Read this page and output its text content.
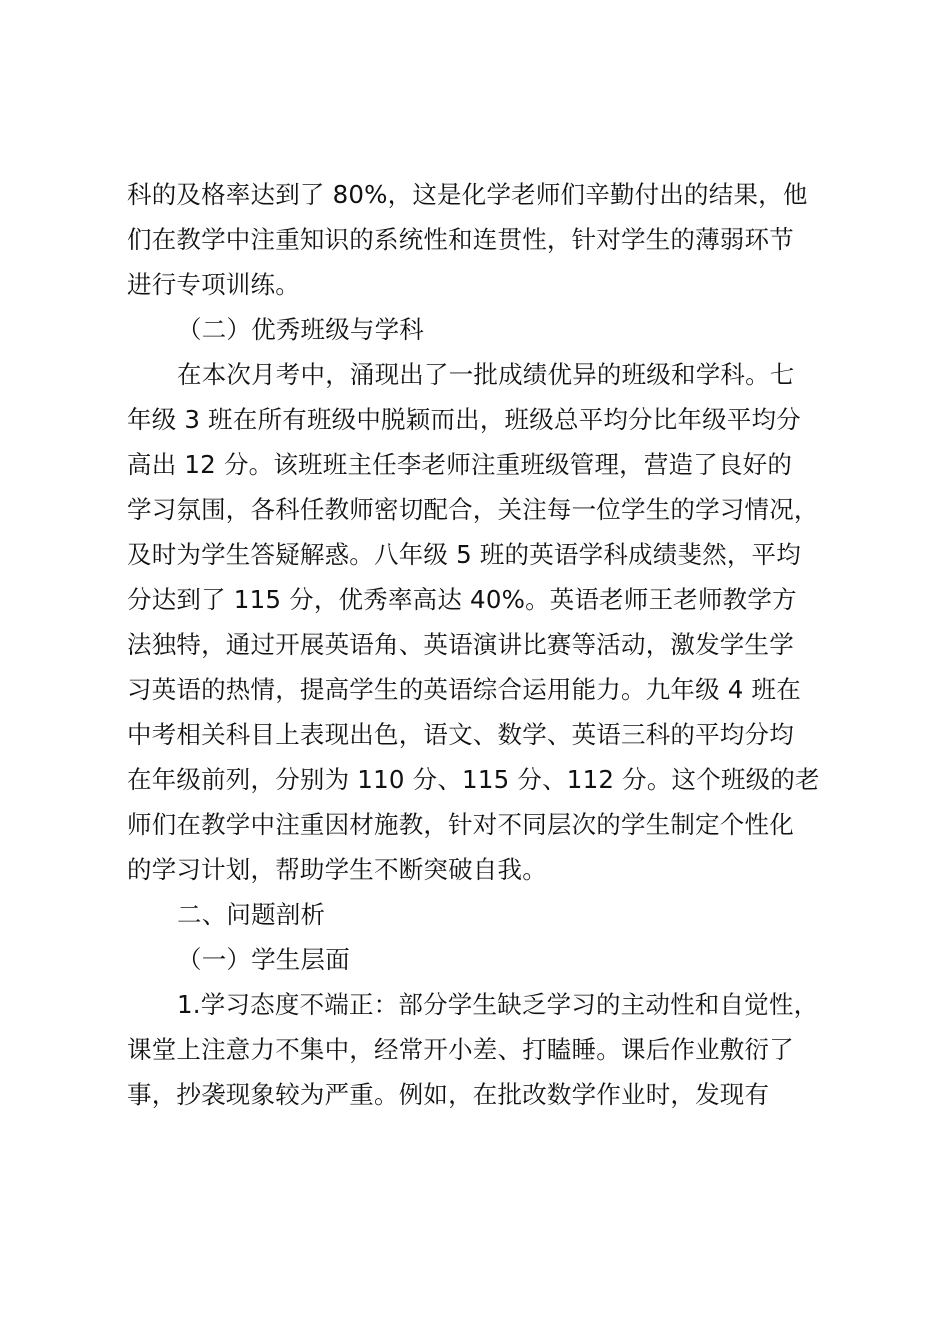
科的及格率达到了 80%，这是化学老师们辛勤付出的结果，他
们在教学中注重知识的系统性和连贯性，针对学生的薄弱环节
进行专项训练。
（二）优秀班级与学科
在本次月考中，涌现出了一批成绩优异的班级和学科。七
年级 3 班在所有班级中脱颖而出，班级总平均分比年级平均分
高出 12 分。该班班主任李老师注重班级管理，营造了良好的
学习氛围，各科任教师密切配合，关注每一位学生的学习情况，
及时为学生答疑解惑。八年级 5 班的英语学科成绩斐然，平均
分达到了 115 分，优秀率高达 40%。英语老师王老师教学方
法独特，通过开展英语角、英语演讲比赛等活动，激发学生学
习英语的热情，提高学生的英语综合运用能力。九年级 4 班在
中考相关科目上表现出色，语文、数学、英语三科的平均分均
在年级前列，分别为 110 分、115 分、112 分。这个班级的老
师们在教学中注重因材施教，针对不同层次的学生制定个性化
的学习计划，帮助学生不断突破自我。
二、问题剖析
（一）学生层面
1.学习态度不端正：部分学生缺乏学习的主动性和自觉性，
课堂上注意力不集中，经常开小差、打瞌睡。课后作业敷衍了
事，抄袭现象较为严重。例如，在批改数学作业时，发现有
